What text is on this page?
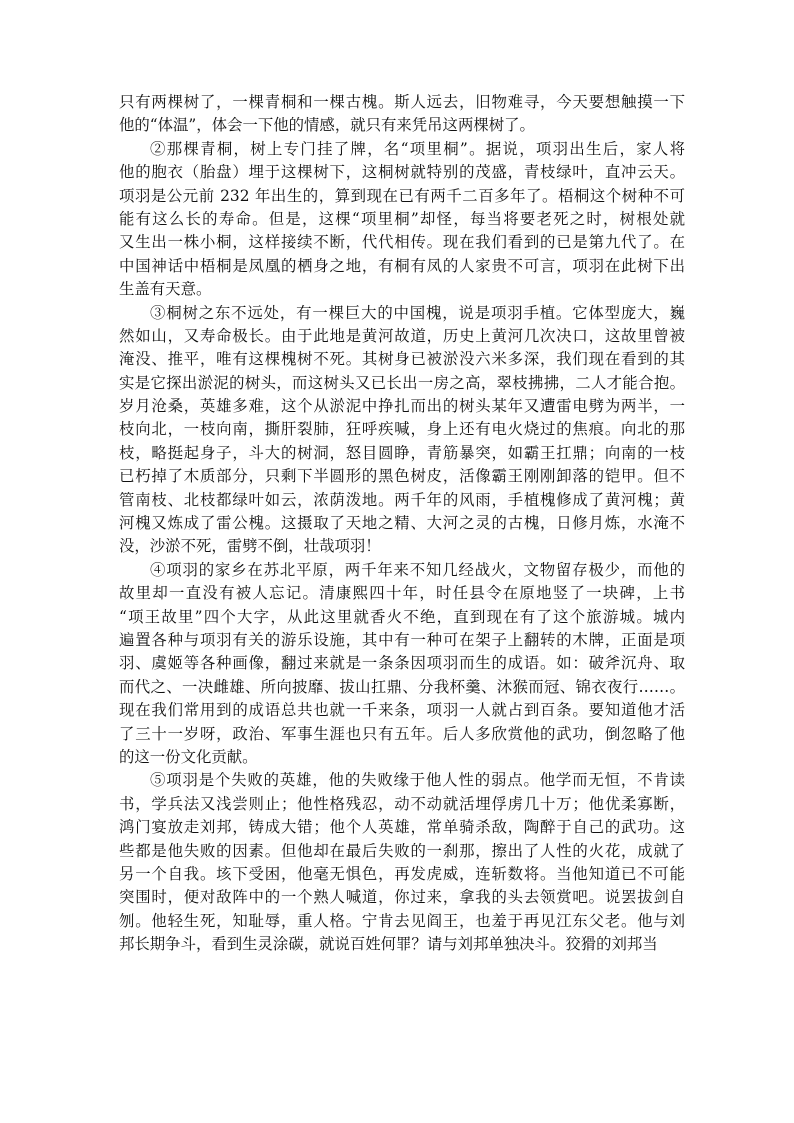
只有两棵树了，一棵青桐和一棵古槐。斯人远去，旧物难寻，今天要想触摸一下
他的“体温”，体会一下他的情感，就只有来凭吊这两棵树了。
②那棵青桐，树上专门挂了牌，名“项里桐”。据说，项羽出生后，家人将
他的胞衣（胎盘）埋于这棵树下，这桐树就特别的茂盛，青枝绿叶，直冲云天。
项羽是公元前 232 年出生的，算到现在已有两千二百多年了。梧桐这个树种不可
能有这么长的寿命。但是，这棵“项里桐”却怪，每当将要老死之时，树根处就
又生出一株小桐，这样接续不断，代代相传。现在我们看到的已是第九代了。在
中国神话中梧桐是凤凰的栖身之地，有桐有凤的人家贵不可言，项羽在此树下出
生盖有天意。
③桐树之东不远处，有一棵巨大的中国槐，说是项羽手植。它体型庞大，巍
然如山，又寿命极长。由于此地是黄河故道，历史上黄河几次决口，这故里曾被
淹没、推平，唯有这棵槐树不死。其树身已被淤没六米多深，我们现在看到的其
实是它探出淤泥的树头，而这树头又已长出一房之高，翠枝拂拂，二人才能合抱。
岁月沧桑，英雄多难，这个从淤泥中挣扎而出的树头某年又遭雷电劈为两半，一
枝向北，一枝向南，撕肝裂肺，狂呼疾喊，身上还有电火烧过的焦痕。向北的那
枝，略挺起身子，斗大的树洞，怒目圆睁，青筋暴突，如霸王扛鼎；向南的一枝
已朽掉了木质部分，只剩下半圆形的黑色树皮，活像霸王刚刚卸落的铠甲。但不
管南枝、北枝都绿叶如云，浓荫泼地。两千年的风雨，手植槐修成了黄河槐；黄
河槐又炼成了雷公槐。这摄取了天地之精、大河之灵的古槐，日修月炼，水淹不
没，沙淤不死，雷劈不倒，壮哉项羽！
④项羽的家乡在苏北平原，两千年来不知几经战火，文物留存极少，而他的
故里却一直没有被人忘记。清康熙四十年，时任县令在原地竖了一块碑，上书
“项王故里”四个大字，从此这里就香火不绝，直到现在有了这个旅游城。城内
遍置各种与项羽有关的游乐设施，其中有一种可在架子上翻转的木牌，正面是项
羽、虞姬等各种画像，翻过来就是一条条因项羽而生的成语。如：破斧沉舟、取
而代之、一决雌雄、所向披靡、拔山扛鼎、分我杯羹、沐猴而冠、锦衣夜行……。
现在我们常用到的成语总共也就一千来条，项羽一人就占到百条。要知道他才活
了三十一岁呀，政治、军事生涯也只有五年。后人多欣赏他的武功，倒忽略了他
的这一份文化贡献。
⑤项羽是个失败的英雄，他的失败缘于他人性的弱点。他学而无恒，不肯读
书，学兵法又浅尝则止；他性格残忍，动不动就活埋俘虏几十万；他优柔寡断，
鸿门宴放走刘邦，铸成大错；他个人英雄，常单骑杀敌，陶醉于自己的武功。这
些都是他失败的因素。但他却在最后失败的一刹那，擦出了人性的火花，成就了
另一个自我。垓下受困，他毫无惧色，再发虎威，连斩数将。当他知道已不可能
突围时，便对敌阵中的一个熟人喊道，你过来，拿我的头去领赏吧。说罢拔剑自
刎。他轻生死，知耻辱，重人格。宁肯去见阎王，也羞于再见江东父老。他与刘
邦长期争斗，看到生灵涂碳，就说百姓何罪？请与刘邦单独决斗。狡猾的刘邦当
